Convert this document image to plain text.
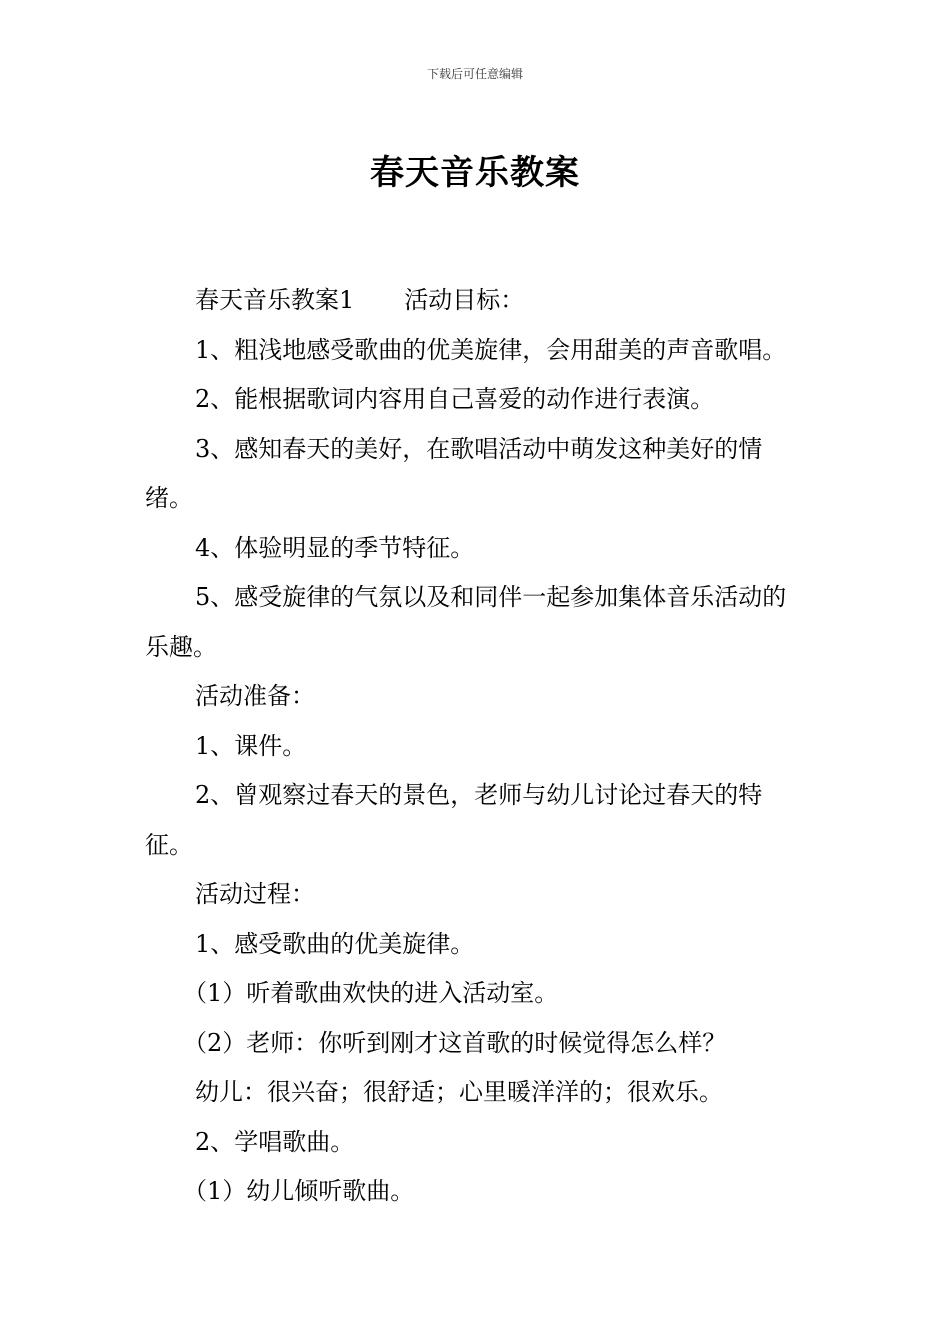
下载后可任意编辑
春天音乐教案

春天音乐教案1 活动目标：

1、粗浅地感受歌曲的优美旋律，会用甜美的声音歌唱。

2、能根据歌词内容用自己喜爱的动作进行表演。

3、感知春天的美好，在歌唱活动中萌发这种美好的情绪。

4、体验明显的季节特征。

5、感受旋律的气氛以及和同伴一起参加集体音乐活动的乐趣。

活动准备：

1、课件。

2、曾观察过春天的景色，老师与幼儿讨论过春天的特征。

活动过程：

1、感受歌曲的优美旋律。

（1）听着歌曲欢快的进入活动室。

（2）老师：你听到刚才这首歌的时候觉得怎么样？

幼儿：很兴奋；很舒适；心里暖洋洋的；很欢乐。

2、学唱歌曲。

（1）幼儿倾听歌曲。
